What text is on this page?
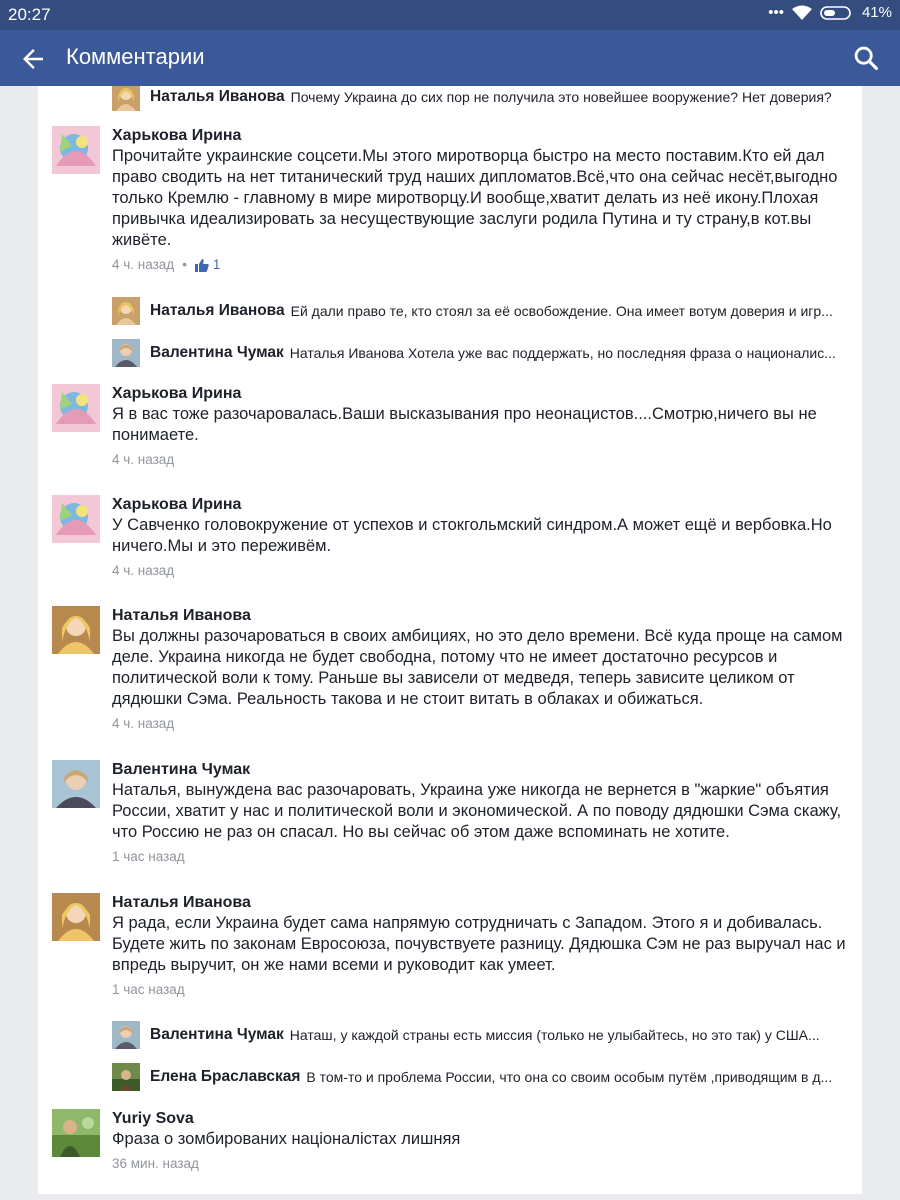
20:27	•••	41%
Комментарии
Наталья Иванова Почему Украина до сих пор не получила это новейшее вооружение? Нет доверия?
Харькова Ирина
Прочитайте украинские соцсети.Мы этого миротворца быстро на место поставим.Кто ей дал право сводить на нет титанический труд наших дипломатов.Всё,что она сейчас несёт,выгодно только Кремлю - главному в мире миротворцу.И вообще,хватит делать из неё икону.Плохая привычка идеализировать за несуществующие заслуги родила Путина и ту страну,в кот.вы живёте.
4 ч. назад • 1
Наталья Иванова Ей дали право те, кто стоял за её освобождение. Она имеет вотум доверия и игр...
Валентина Чумак Наталья Иванова Хотела уже вас поддержать, но последняя фраза о националис...
Харькова Ирина
Я в вас тоже разочаровалась.Ваши высказывания про неонацистов....Смотрю,ничего вы не понимаете.
4 ч. назад
Харькова Ирина
У Савченко головокружение от успехов и стокгольмский синдром.А может ещё и вербовка.Но ничего.Мы и это переживём.
4 ч. назад
Наталья Иванова
Вы должны разочароваться в своих амбициях, но это дело времени. Всё куда проще на самом деле. Украина никогда не будет свободна, потому что не имеет достаточно ресурсов и политической воли к тому. Раньше вы зависели от медведя, теперь зависите целиком от дядюшки Сэма. Реальность такова и не стоит витать в облаках и обижаться.
4 ч. назад
Валентина Чумак
Наталья, вынуждена вас разочаровать, Украина уже никогда не вернется в "жаркие" объятия России, хватит у нас и политической воли и экономической. А по поводу дядюшки Сэма скажу, что Россию не раз он спасал. Но вы сейчас об этом даже вспоминать не хотите.
1 час назад
Наталья Иванова
Я рада, если Украина будет сама напрямую сотрудничать с Западом. Этого я и добивалась. Будете жить по законам Евросоюза, почувствуете разницу. Дядюшка Сэм не раз выручал нас и впредь выручит, он же нами всеми и руководит как умеет.
1 час назад
Валентина Чумак Наташ, у каждой страны есть миссия (только не улыбайтесь, но это так) у США...
Елена Браславская В том-то и проблема России, что она со своим особым путём ,приводящим в д...
Yuriy Sova
Фраза о зомбированих націоналістах лишняя
36 мин. назад
